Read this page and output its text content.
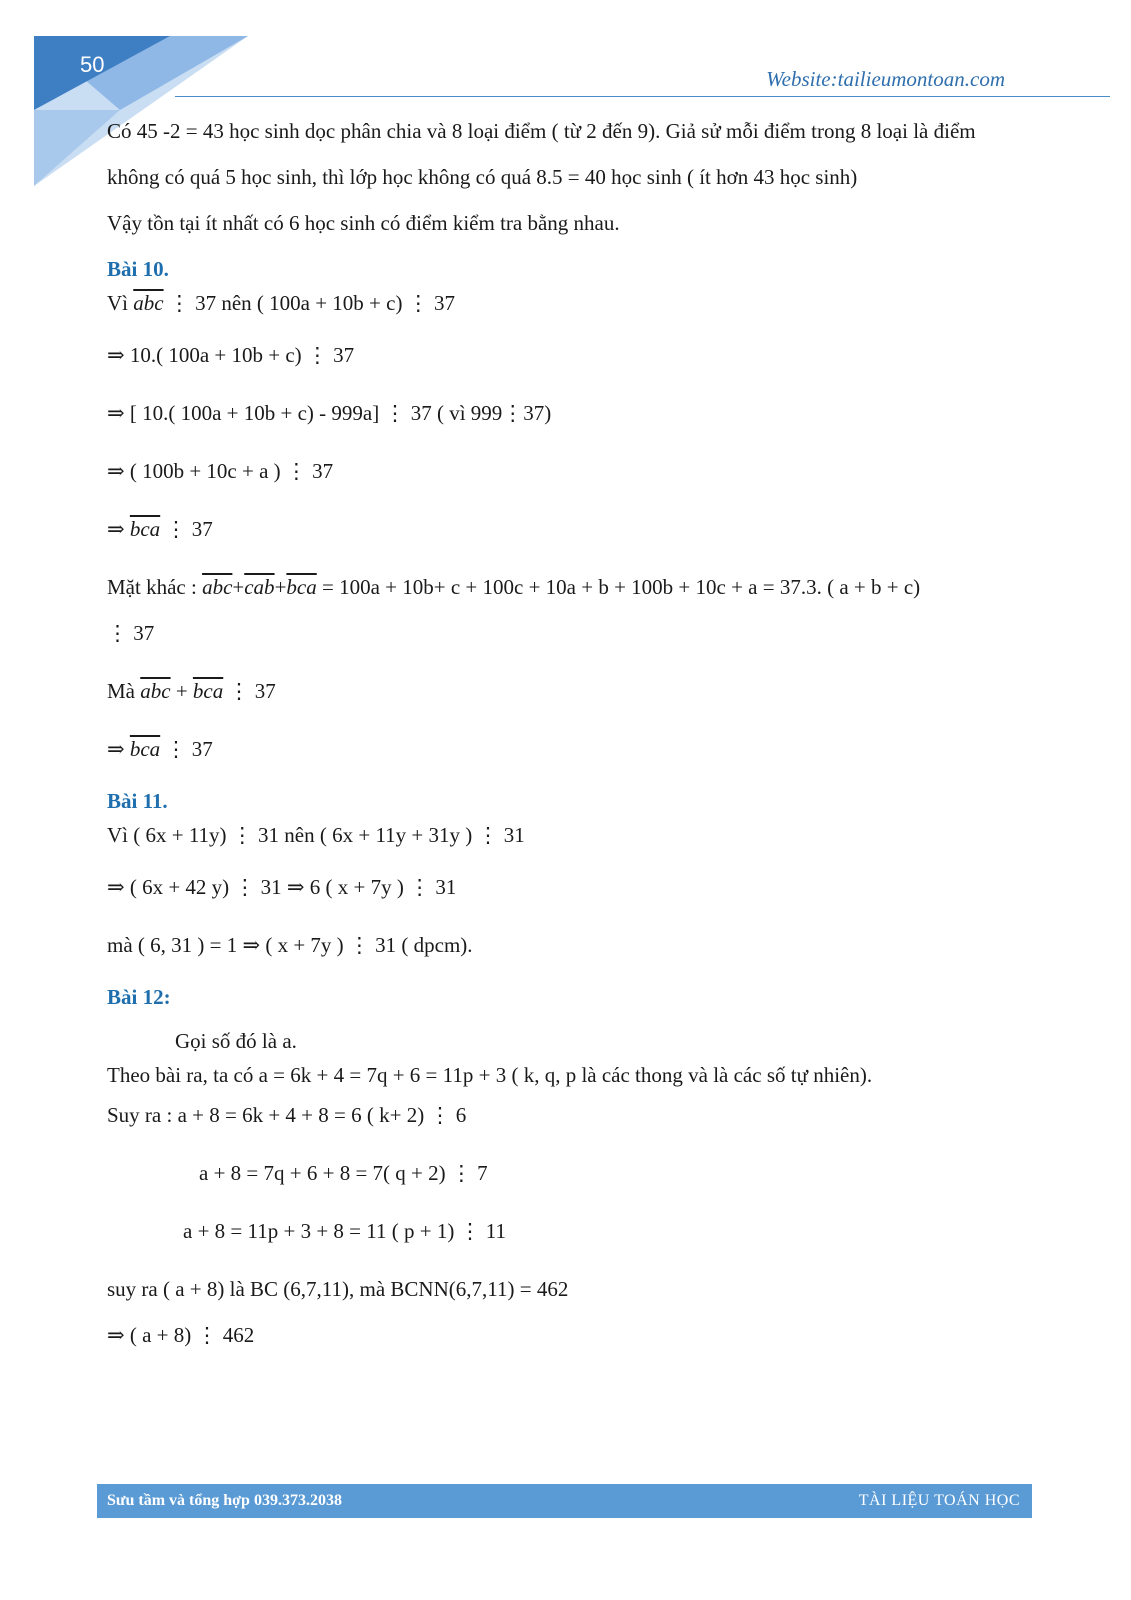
50
Website:tailieumontoan.com

Có 45 -2 = 43 học sinh dọc phân chia và 8 loại điểm ( từ 2 đến 9). Giả sử mỗi điểm trong 8 loại là điểm không có quá 5 học sinh, thì lớp học không có quá 8.5 = 40 học sinh ( ít hơn 43 học sinh)

Vậy tồn tại ít nhất có 6 học sinh có điểm kiểm tra bằng nhau.

Bài 10.

Vì $\overline{abc}$ ⋮ 37 nên ( 100a + 10b + c) ⋮ 37

⇒ 10.( 100a + 10b + c) ⋮ 37

⇒ [ 10.( 100a + 10b + c) - 999a] ⋮ 37 ( vì 999⋮37)

⇒ ( 100b + 10c + a ) ⋮ 37

⇒ $\overline{bca}$ ⋮ 37

Mặt khác : $\overline{abc}+\overline{cab}+\overline{bca} = 100a + 10b+ c + 100c + 10a + b + 100b + 10c + a = 37.3$. ( a + b + c)

⋮ 37

Mà $\overline{abc} + \overline{bca}$ ⋮ 37

⇒ $\overline{bca}$ ⋮ 37

Bài 11.

Vì ( 6x + 11y) ⋮ 31 nên ( 6x + 11y + 31y ) ⋮ 31

⇒ ( 6x + 42 y) ⋮ 31 ⇒ 6 ( x + 7y ) ⋮ 31

mà ( 6, 31 ) = 1 ⇒ ( x + 7y ) ⋮ 31 ( dpcm).

Bài 12:

Gọi số đó là a.

Theo bài ra, ta có a = 6k + 4 = 7q + 6 = 11p + 3 ( k, q, p là các thong và là các số tự nhiên).

Suy ra : a + 8 = 6k + 4 + 8 = 6 ( k+ 2) ⋮ 6

a + 8 = 7q + 6 + 8 = 7( q + 2) ⋮ 7

a + 8 = 11p + 3 + 8 = 11 ( p + 1) ⋮ 11

suy ra ( a + 8) là BC (6,7,11), mà BCNN(6,7,11) = 462

⇒ ( a + 8) ⋮ 462

Sưu tầm và tổng hợp 039.373.2038	TÀI LIỆU TOÁN HỌC
